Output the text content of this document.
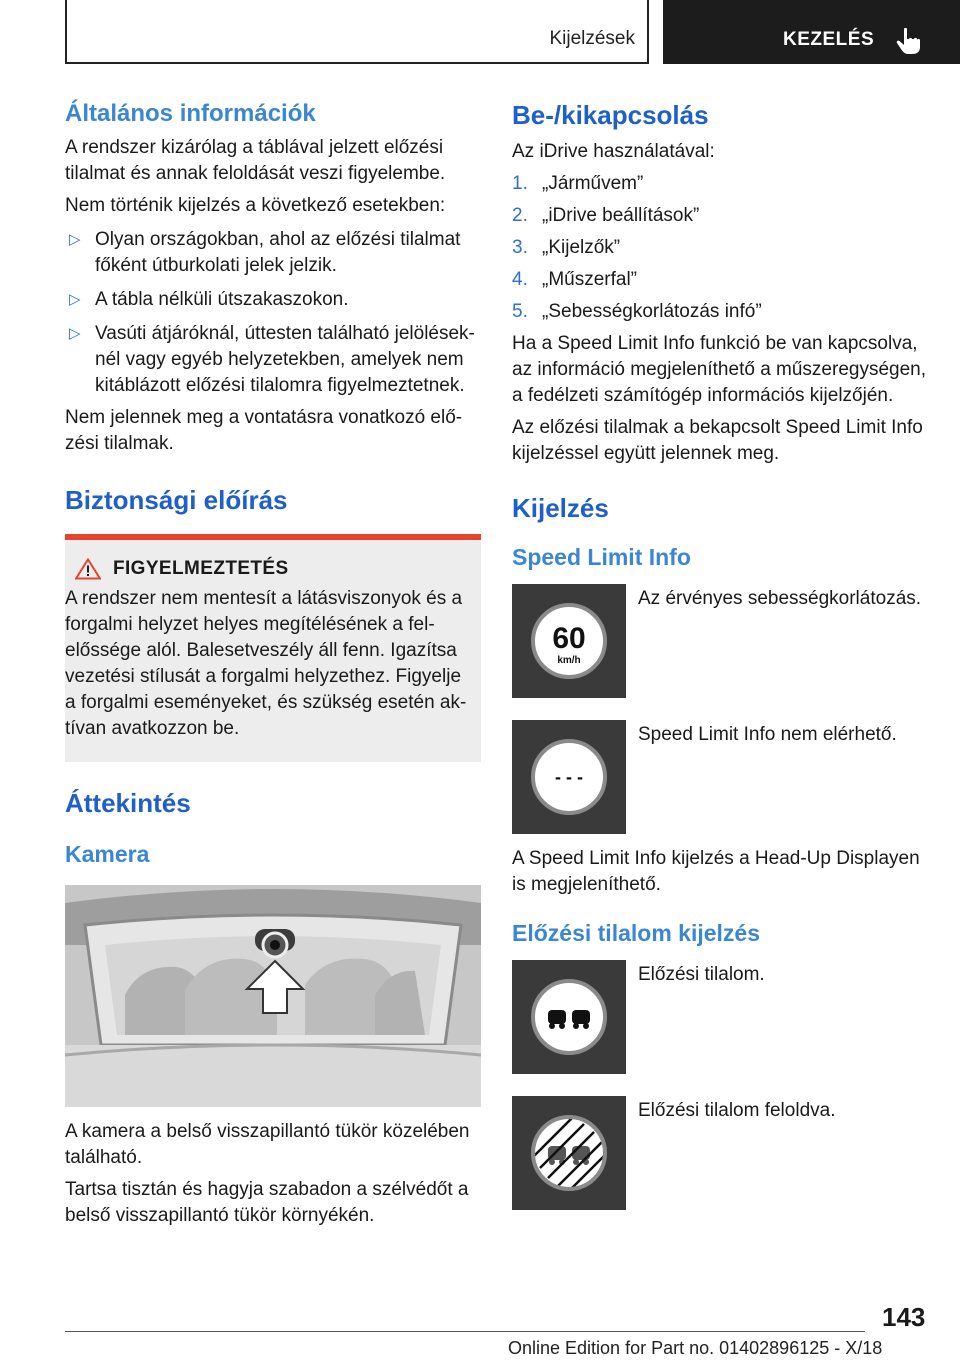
Kijelzések	KEZELÉS
Általános információk

A rendszer kizárólag a táblával jelzett előzési tilalmat és annak feloldását veszi figyelembe.

Nem történik kijelzés a következő esetekben:

▷ Olyan országokban, ahol az előzési tilalmat főként útburkolati jelek jelzik.
▷ A tábla nélküli útszakaszokon.
▷ Vasúti átjáróknál, úttesten található jelöléseknél vagy egyéb helyzetekben, amelyek nem kitáblázott előzési tilalomra figyelmeztetnek.

Nem jelennek meg a vontatásra vonatkozó előzési tilalmak.

Biztonsági előírás
FIGYELMEZTETÉS

A rendszer nem mentesít a látásviszonyok és a forgalmi helyzet helyes megítélésének a felelőssége alól. Balesetveszély áll fenn. Igazítsa vezetési stílusát a forgalmi helyzethez. Figyelje a forgalmi eseményeket, és szükség esetén aktívan avatkozzon be.

Áttekintés
Kamera

A kamera a belső visszapillantó tükör közelében található.

Tartsa tisztán és hagyja szabadon a szélvédőt a belső visszapillantó tükör környékén.

Be-/kikapcsolás

Az iDrive használatával:

1. „Járművem”
2. „iDrive beállítások”
3. „Kijelzők”
4. „Műszerfal”
5. „Sebességkorlátozás infó”

Ha a Speed Limit Info funkció be van kapcsolva, az információ megjeleníthető a műszeregységen, a fedélzeti számítógép információs kijelzőjén.

Az előzési tilalmak a bekapcsolt Speed Limit Info kijelzéssel együtt jelennek meg.

Kijelzés
Speed Limit Info
60
km/h

Az érvényes sebességkorlátozás.

- - -

Speed Limit Info nem elérhető.

A Speed Limit Info kijelzés a Head-Up Displayen is megjeleníthető.

Előzési tilalom kijelzés

Előzési tilalom.

Előzési tilalom feloldva.

143
Online Edition for Part no. 01402896125 - X/18
